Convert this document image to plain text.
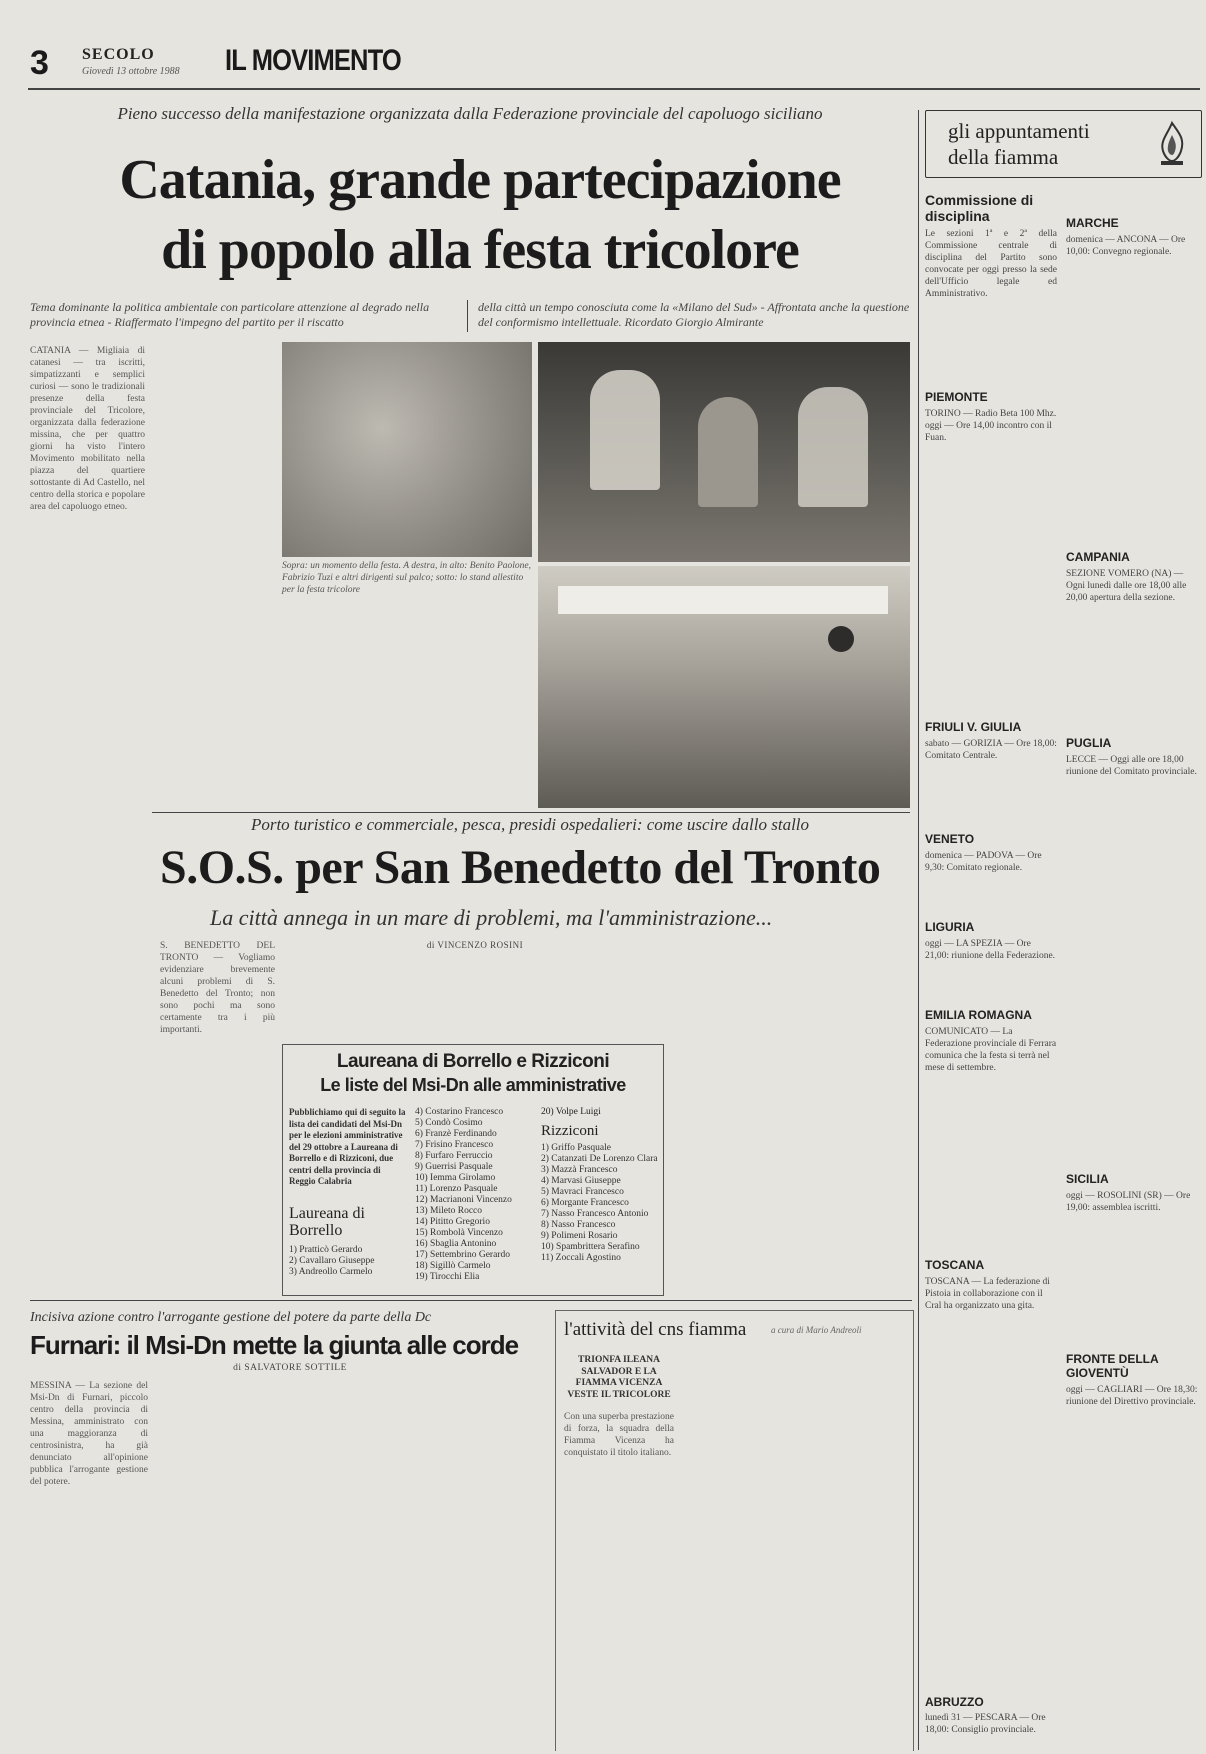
3 SECOLO
Giovedì 13 ottobre 1988 IL MOVIMENTO
Pieno successo della manifestazione organizzata dalla Federazione provinciale del capoluogo siciliano
Catania, grande partecipazione
di popolo alla festa tricolore
Tema dominante la politica ambientale con particolare attenzione al degrado nella provincia etnea - Riaffermato l'impegno del partito per il riscatto
della città un tempo conosciuta come la «Milano del Sud» - Affrontata anche la questione del conformismo intellettuale. Ricordato Giorgio Almirante
CATANIA — Migliaia di catanesi — tra iscritti, simpatizzanti e semplici curiosi — sono le tradizionali presenze della festa provinciale del Tricolore, organizzata dalla federazione missina, che per quattro giorni ha visto l'intero Movimento mobilitato nella piazza del quartiere sottostante di Ad Castello, nel centro della storica e popolare area del capoluogo etneo.
Sopra: un momento della festa. A destra, in alto: Benito Paolone, Fabrizio Tuzi e altri dirigenti sul palco; sotto: lo stand allestito per la festa tricolore
Porto turistico e commerciale, pesca, presidi ospedalieri: come uscire dallo stallo
S.O.S. per San Benedetto del Tronto
La città annega in un mare di problemi, ma l'amministrazione...
S. BENEDETTO DEL TRONTO — Vogliamo evidenziare brevemente alcuni problemi di S. Benedetto del Tronto; non sono pochi ma sono certamente tra i più importanti.
di VINCENZO ROSINI
Laureana di Borrello e Rizziconi
Le liste del Msi-Dn alle amministrative
Pubblichiamo qui di seguito la lista dei candidati del Msi-Dn per le elezioni amministrative del 29 ottobre a Laureana di Borrello e di Rizziconi, due centri della provincia di Reggio Calabria
Laureana di Borrello
1) Pratticò Gerardo
2) Cavallaro Giuseppe
3) Andreollo Carmelo
4) Costarino Francesco
5) Condò Cosimo
6) Franzè Ferdinando
7) Frisino Francesco
8) Furfaro Ferruccio
9) Guerrisi Pasquale
10) Iemma Girolamo
11) Lorenzo Pasquale
12) Macrianoni Vincenzo
13) Mileto Rocco
14) Pititto Gregorio
15) Rombolà Vincenzo
16) Sbaglia Antonino
17) Settembrino Gerardo
18) Sigillò Carmelo
19) Tirocchi Elia
20) Volpe Luigi
Rizziconi
1) Griffo Pasquale
2) Catanzati De Lorenzo Clara
3) Mazzà Francesco
4) Marvasi Giuseppe
5) Mavraci Francesco
6) Morgante Francesco
7) Nasso Francesco Antonio
8) Nasso Francesco
9) Polimeni Rosario
10) Spambrittera Serafino
11) Zoccali Agostino
Incisiva azione contro l'arrogante gestione del potere da parte della Dc
Furnari: il Msi-Dn mette la giunta alle corde
di SALVATORE SOTTILE
MESSINA — La sezione del Msi-Dn di Furnari, piccolo centro della provincia di Messina, amministrato con una maggioranza di centrosinistra, ha già denunciato all'opinione pubblica l'arrogante gestione del potere.
l'attività del cns fiamma	a cura di Mario Andreoli
TRIONFA ILEANA SALVADOR E LA FIAMMA VICENZA VESTE IL TRICOLORE
Con una superba prestazione di forza, la squadra della Fiamma Vicenza ha conquistato il titolo italiano.
gli appuntamenti
della fiamma
Commissione di disciplina
Le sezioni 1ª e 2ª della Commissione centrale di disciplina del Partito sono convocate per oggi presso la sede dell'Ufficio legale ed Amministrativo.
PIEMONTE
TORINO — Radio Beta 100 Mhz. oggi — Ore 14,00 incontro con il Fuan.
FRIULI V. GIULIA
sabato — GORIZIA — Ore 18,00: Comitato Centrale.
VENETO
domenica — PADOVA — Ore 9,30: Comitato regionale.
LIGURIA
oggi — LA SPEZIA — Ore 21,00: riunione della Federazione.
EMILIA ROMAGNA
COMUNICATO — La Federazione provinciale di Ferrara comunica che la festa si terrà nel mese di settembre.
TOSCANA
TOSCANA — La federazione di Pistoia in collaborazione con il Cral ha organizzato una gita.
ABRUZZO
lunedì 31 — PESCARA — Ore 18,00: Consiglio provinciale.
MARCHE
domenica — ANCONA — Ore 10,00: Convegno regionale.
CAMPANIA
SEZIONE VOMERO (NA) — Ogni lunedì dalle ore 18,00 alle 20,00 apertura della sezione.
PUGLIA
LECCE — Oggi alle ore 18,00 riunione del Comitato provinciale.
SICILIA
oggi — ROSOLINI (SR) — Ore 19,00: assemblea iscritti.
FRONTE DELLA GIOVENTÙ
oggi — CAGLIARI — Ore 18,30: riunione del Direttivo provinciale.
